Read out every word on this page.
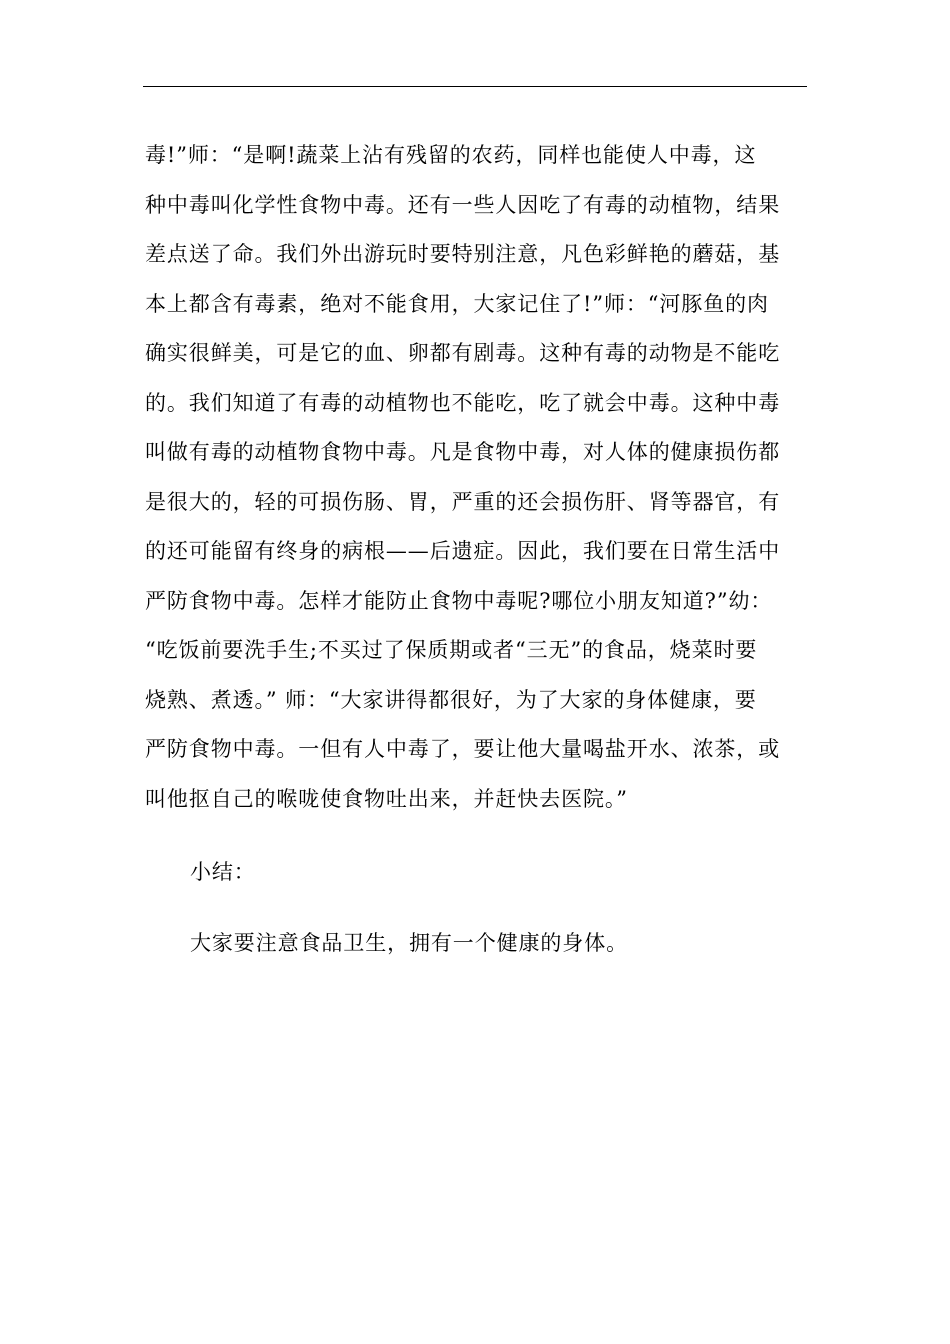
毒!”师：“是啊!蔬菜上沾有残留的农药，同样也能使人中毒，这
种中毒叫化学性食物中毒。还有一些人因吃了有毒的动植物，结果
差点送了命。我们外出游玩时要特别注意，凡色彩鲜艳的蘑菇，基
本上都含有毒素，绝对不能食用，大家记住了!”师：“河豚鱼的肉
确实很鲜美，可是它的血、卵都有剧毒。这种有毒的动物是不能吃
的。我们知道了有毒的动植物也不能吃，吃了就会中毒。这种中毒
叫做有毒的动植物食物中毒。凡是食物中毒，对人体的健康损伤都
是很大的，轻的可损伤肠、胃，严重的还会损伤肝、肾等器官，有
的还可能留有终身的病根——后遗症。因此，我们要在日常生活中
严防食物中毒。怎样才能防止食物中毒呢?哪位小朋友知道?”幼：
“吃饭前要洗手生;不买过了保质期或者“三无”的食品，烧菜时要
烧熟、煮透。” 师：“大家讲得都很好，为了大家的身体健康，要
严防食物中毒。一但有人中毒了，要让他大量喝盐开水、浓茶，或
叫他抠自己的喉咙使食物吐出来，并赶快去医院。”

小结：

大家要注意食品卫生，拥有一个健康的身体。
